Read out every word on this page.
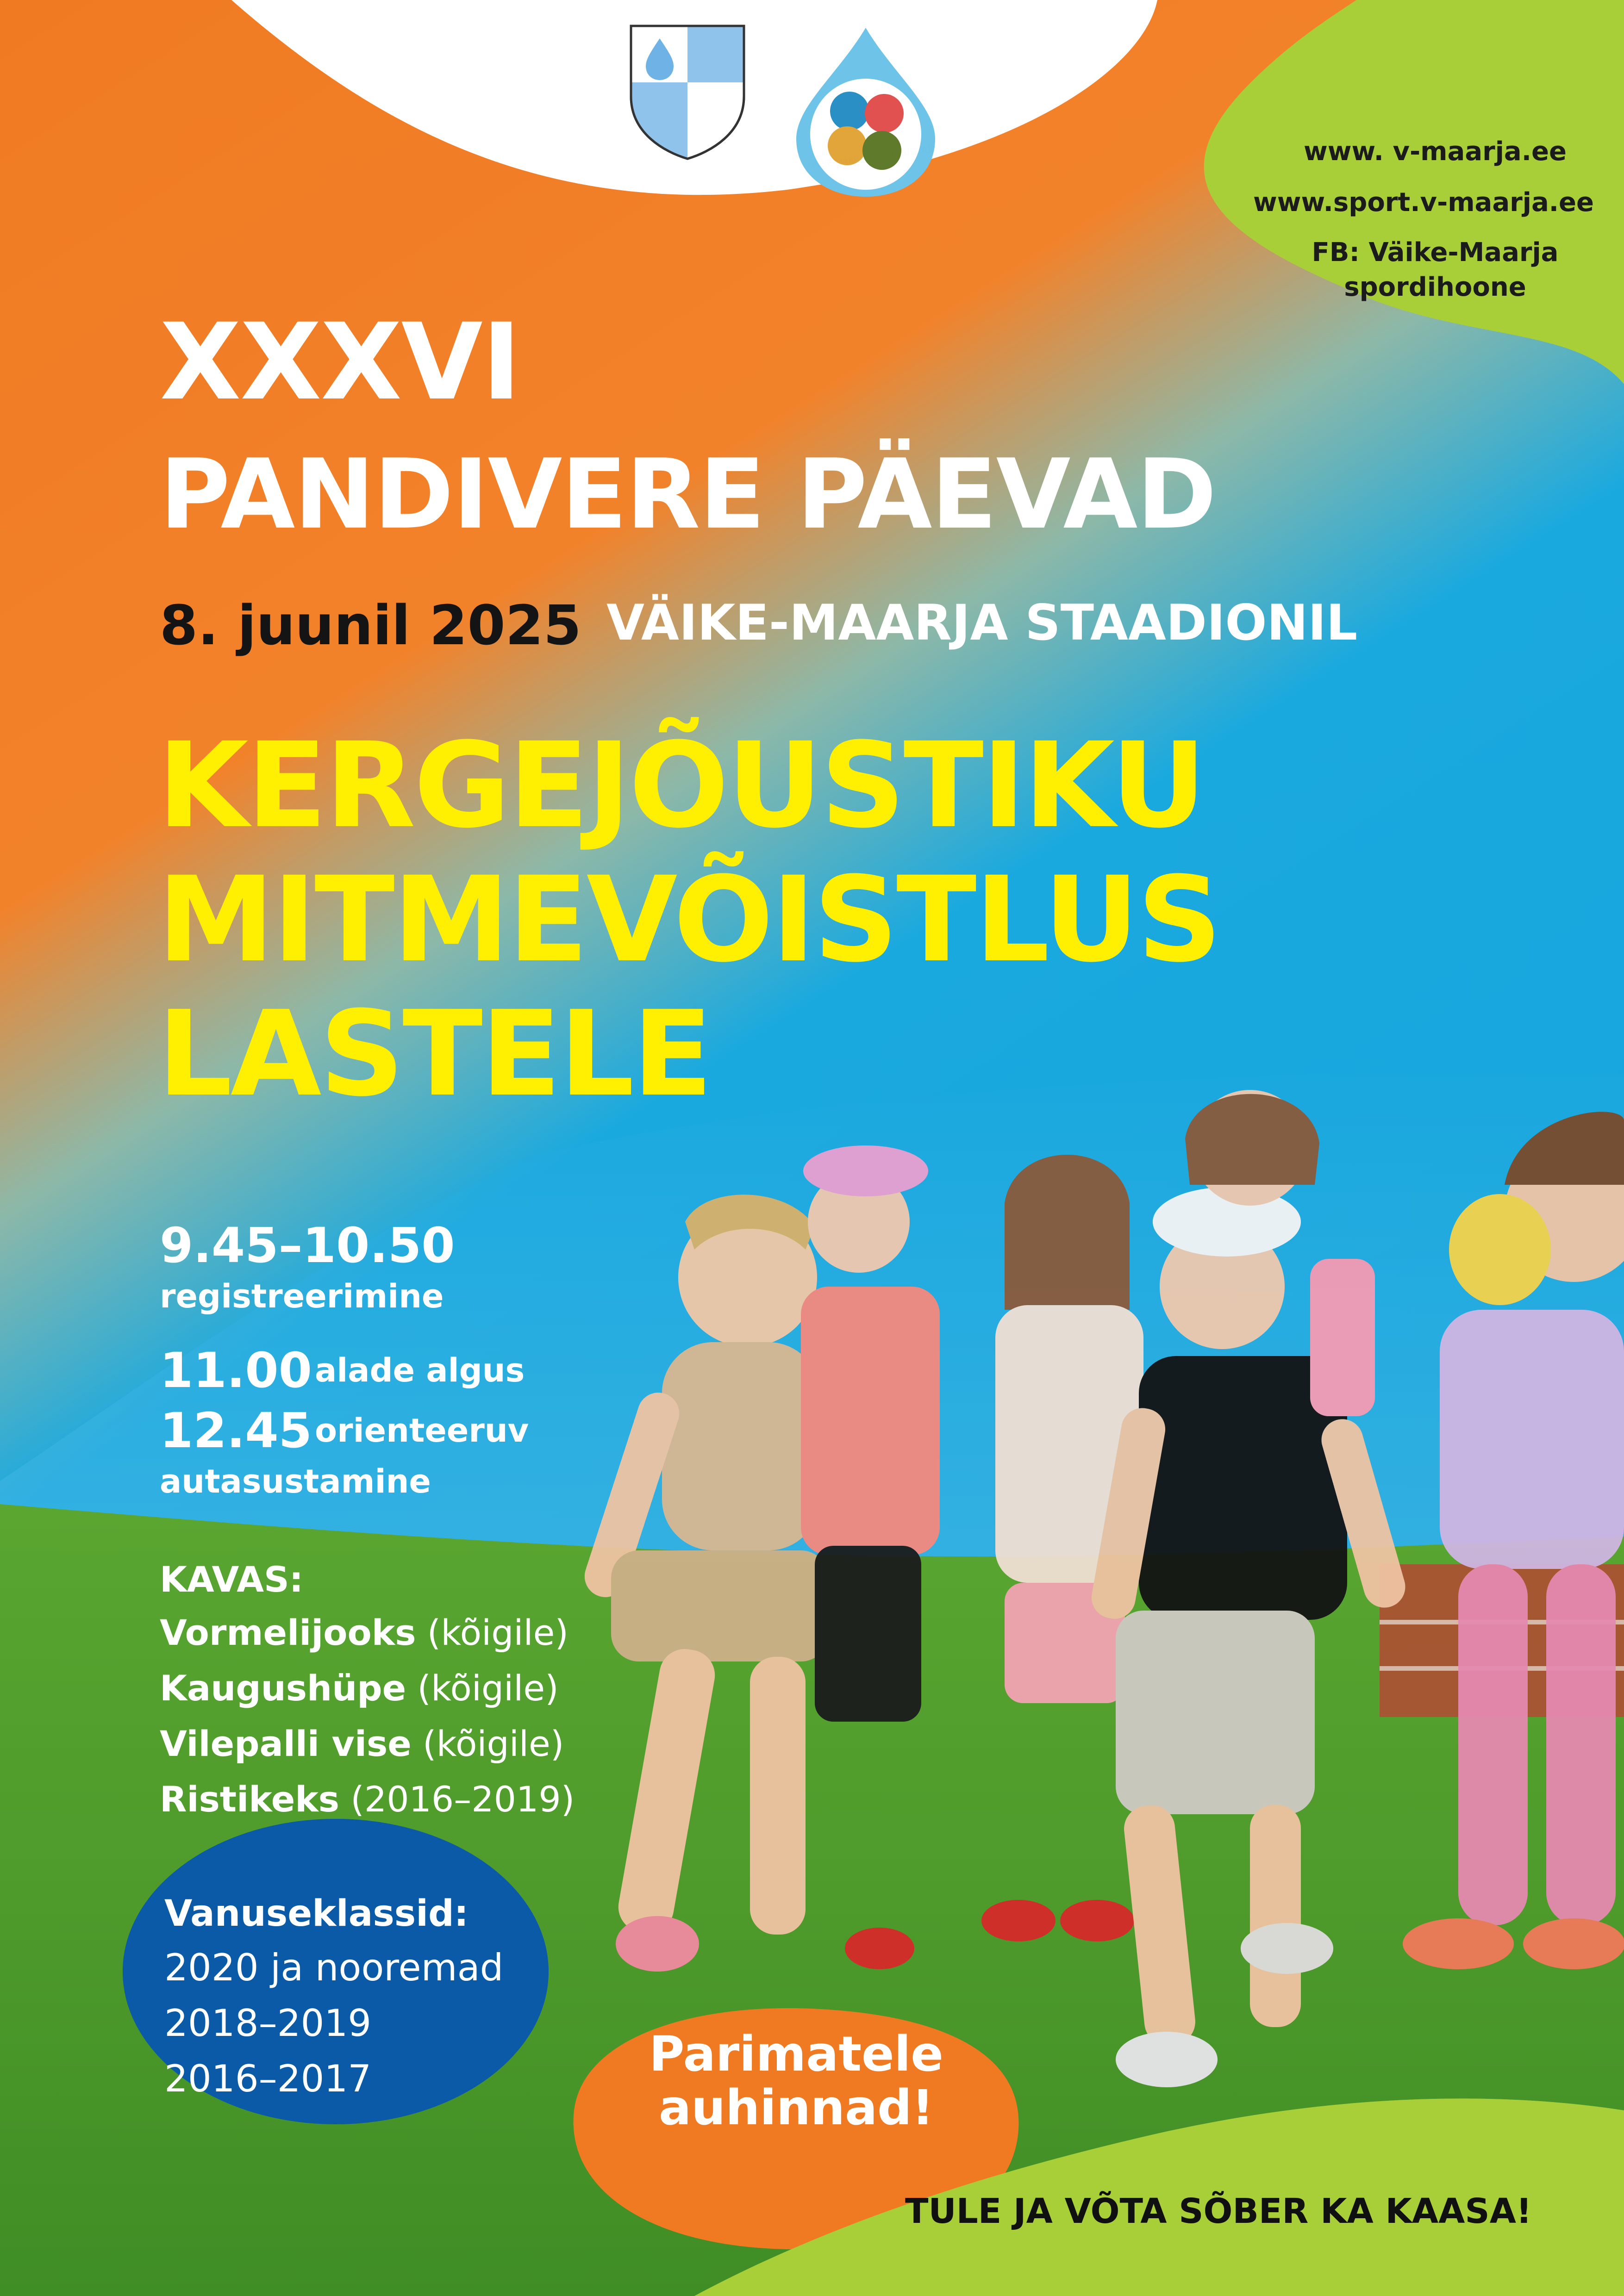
www. v-maarja.ee

www.sport.v-maarja.ee

FB: Väike-Maarja

spordihoone

XXXVI
PANDIVERE PÄEVAD

8. juunil 2025 VÄIKE-MAARJA STAADIONIL

KERGEJÕUSTIKU
MITMEVÕISTLUS
LASTELE

9.45–10.50

registreerimine

11.00 alade algus

12.45 orienteeruv

autasustamine

KAVAS:

Vormelijooks (kõigile)

Kaugushüpe (kõigile)

Vilepalli vise (kõigile)

Ristikeks (2016–2019)

Vanuseklassid:

2020 ja nooremad

2018–2019

2016–2017	Parimatele
auhinnad!

TULE JA VÕTA SÕBER KA KAASA!
